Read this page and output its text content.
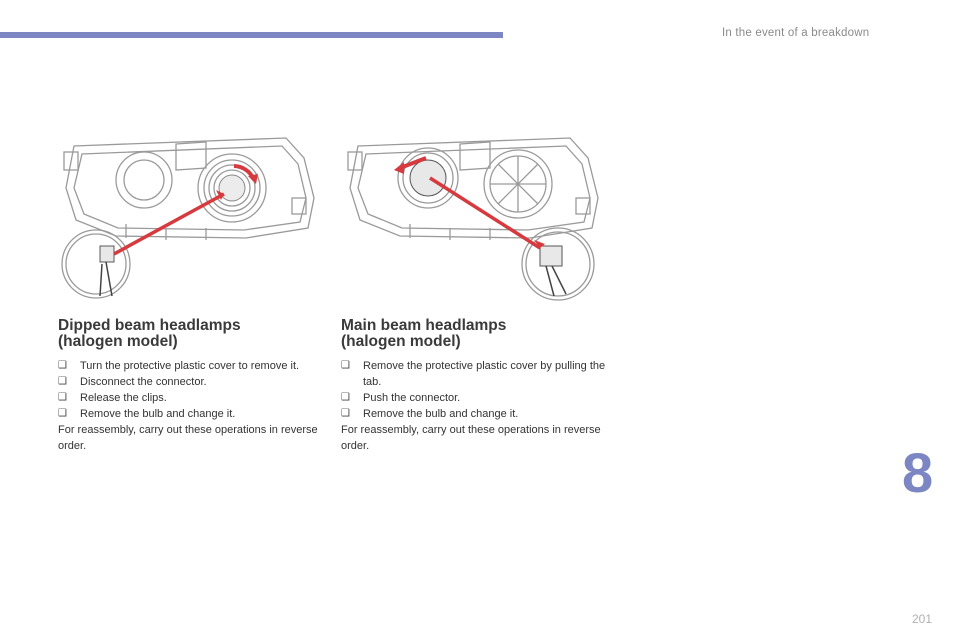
In the event of a breakdown
Dipped beam headlamps
(halogen model)
❑ Turn the protective plastic cover to remove it.
❑ Disconnect the connector.
❑ Release the clips.
❑ Remove the bulb and change it.
For reassembly, carry out these operations in reverse order.
Main beam headlamps
(halogen model)
❑ Remove the protective plastic cover by pulling the tab.
❑ Push the connector.
❑ Remove the bulb and change it.
For reassembly, carry out these operations in reverse order.	8
201
